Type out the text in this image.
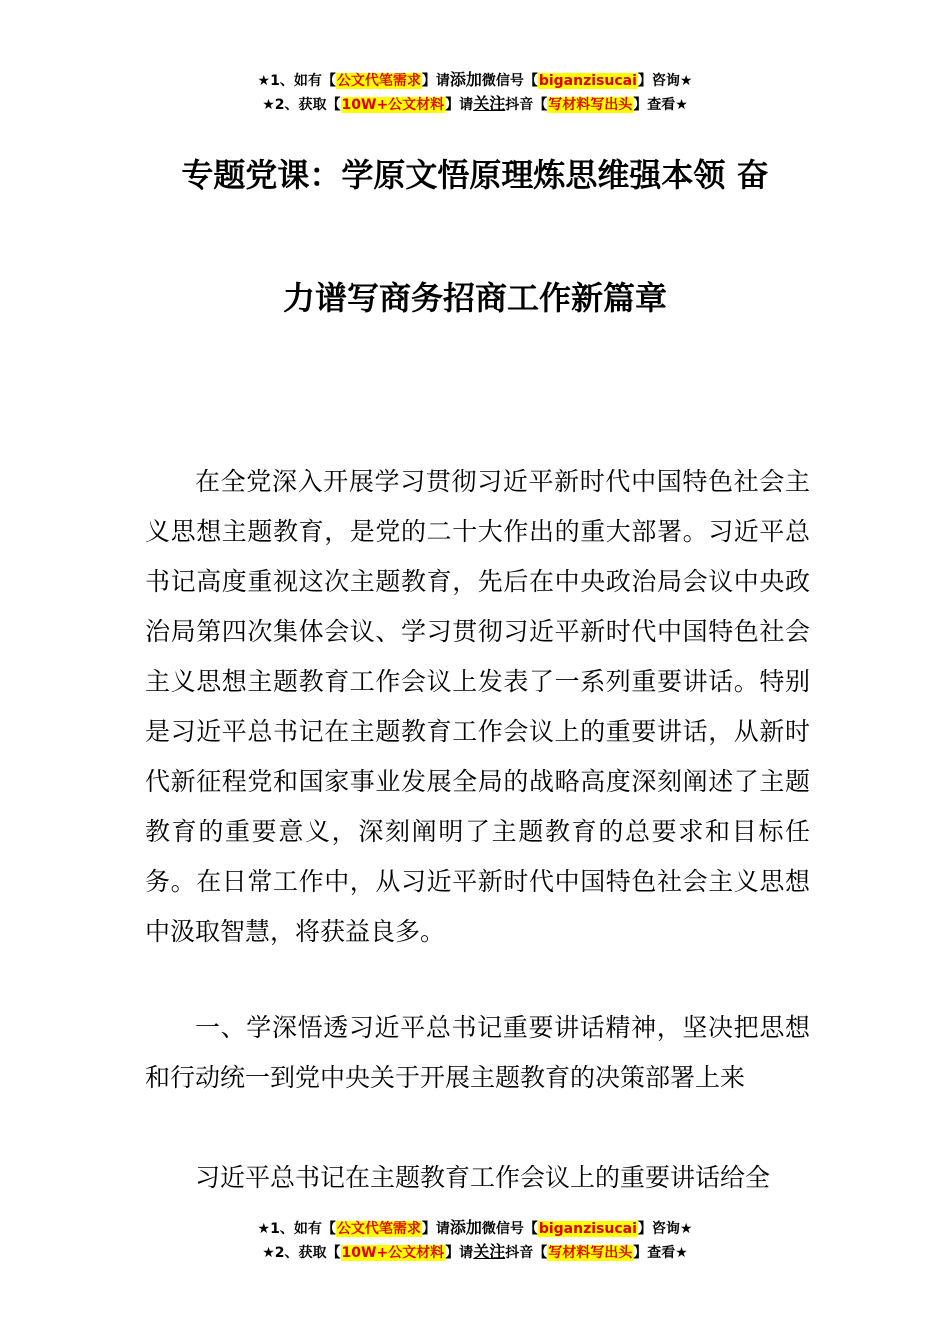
★1、如有【公文代笔需求】请添加微信号【biganzisucai】咨询★
★2、获取【10W+公文材料】请关注抖音【写材料写出头】查看★
专题党课：学原文悟原理炼思维强本领 奋
力谱写商务招商工作新篇章

在全党深入开展学习贯彻习近平新时代中国特色社会主义思想主题教育，是党的二十大作出的重大部署。习近平总书记高度重视这次主题教育，先后在中央政治局会议中央政治局第四次集体会议、学习贯彻习近平新时代中国特色社会主义思想主题教育工作会议上发表了一系列重要讲话。特别是习近平总书记在主题教育工作会议上的重要讲话，从新时代新征程党和国家事业发展全局的战略高度深刻阐述了主题教育的重要意义，深刻阐明了主题教育的总要求和目标任务。在日常工作中，从习近平新时代中国特色社会主义思想中汲取智慧，将获益良多。

一、学深悟透习近平总书记重要讲话精神，坚决把思想和行动统一到党中央关于开展主题教育的决策部署上来

习近平总书记在主题教育工作会议上的重要讲话给全

★1、如有【公文代笔需求】请添加微信号【biganzisucai】咨询★
★2、获取【10W+公文材料】请关注抖音【写材料写出头】查看★
